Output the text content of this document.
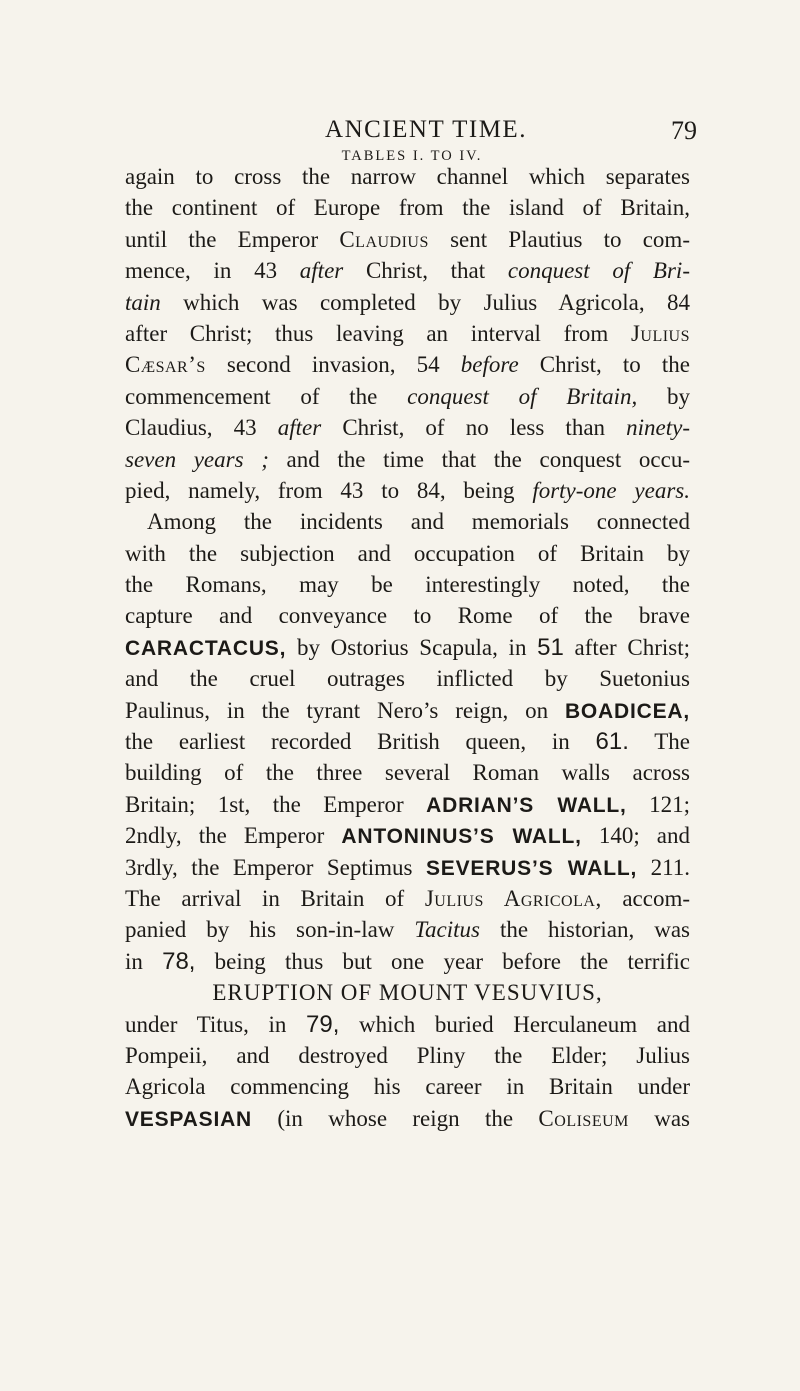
ANCIENT TIME.	79
TABLES I. TO IV.
again to cross the narrow channel which separates
the continent of Europe from the island of Britain,
until the Emperor Claudius sent Plautius to com-
mence, in 43 after Christ, that conquest of Bri-
tain which was completed by Julius Agricola, 84
after Christ; thus leaving an interval from Julius
Cæsar’s second invasion, 54 before Christ, to the
commencement of the conquest of Britain, by
Claudius, 43 after Christ, of no less than ninety-
seven years ; and the time that the conquest occu-
pied, namely, from 43 to 84, being forty-one years.
Among the incidents and memorials connected
with the subjection and occupation of Britain by
the Romans, may be interestingly noted, the
capture and conveyance to Rome of the brave
CARACTACUS, by Ostorius Scapula, in 51 after Christ;
and the cruel outrages inflicted by Suetonius
Paulinus, in the tyrant Nero’s reign, on BOADICEA,
the earliest recorded British queen, in 61. The
building of the three several Roman walls across
Britain; 1st, the Emperor ADRIAN’S WALL, 121;
2ndly, the Emperor ANTONINUS’S WALL, 140; and
3rdly, the Emperor Septimus SEVERUS’S WALL, 211.
The arrival in Britain of Julius Agricola, accom-
panied by his son-in-law Tacitus the historian, was
in 78, being thus but one year before the terrific
ERUPTION OF MOUNT VESUVIUS,
under Titus, in 79, which buried Herculaneum and
Pompeii, and destroyed Pliny the Elder; Julius
Agricola commencing his career in Britain under
VESPASIAN (in whose reign the Coliseum was
